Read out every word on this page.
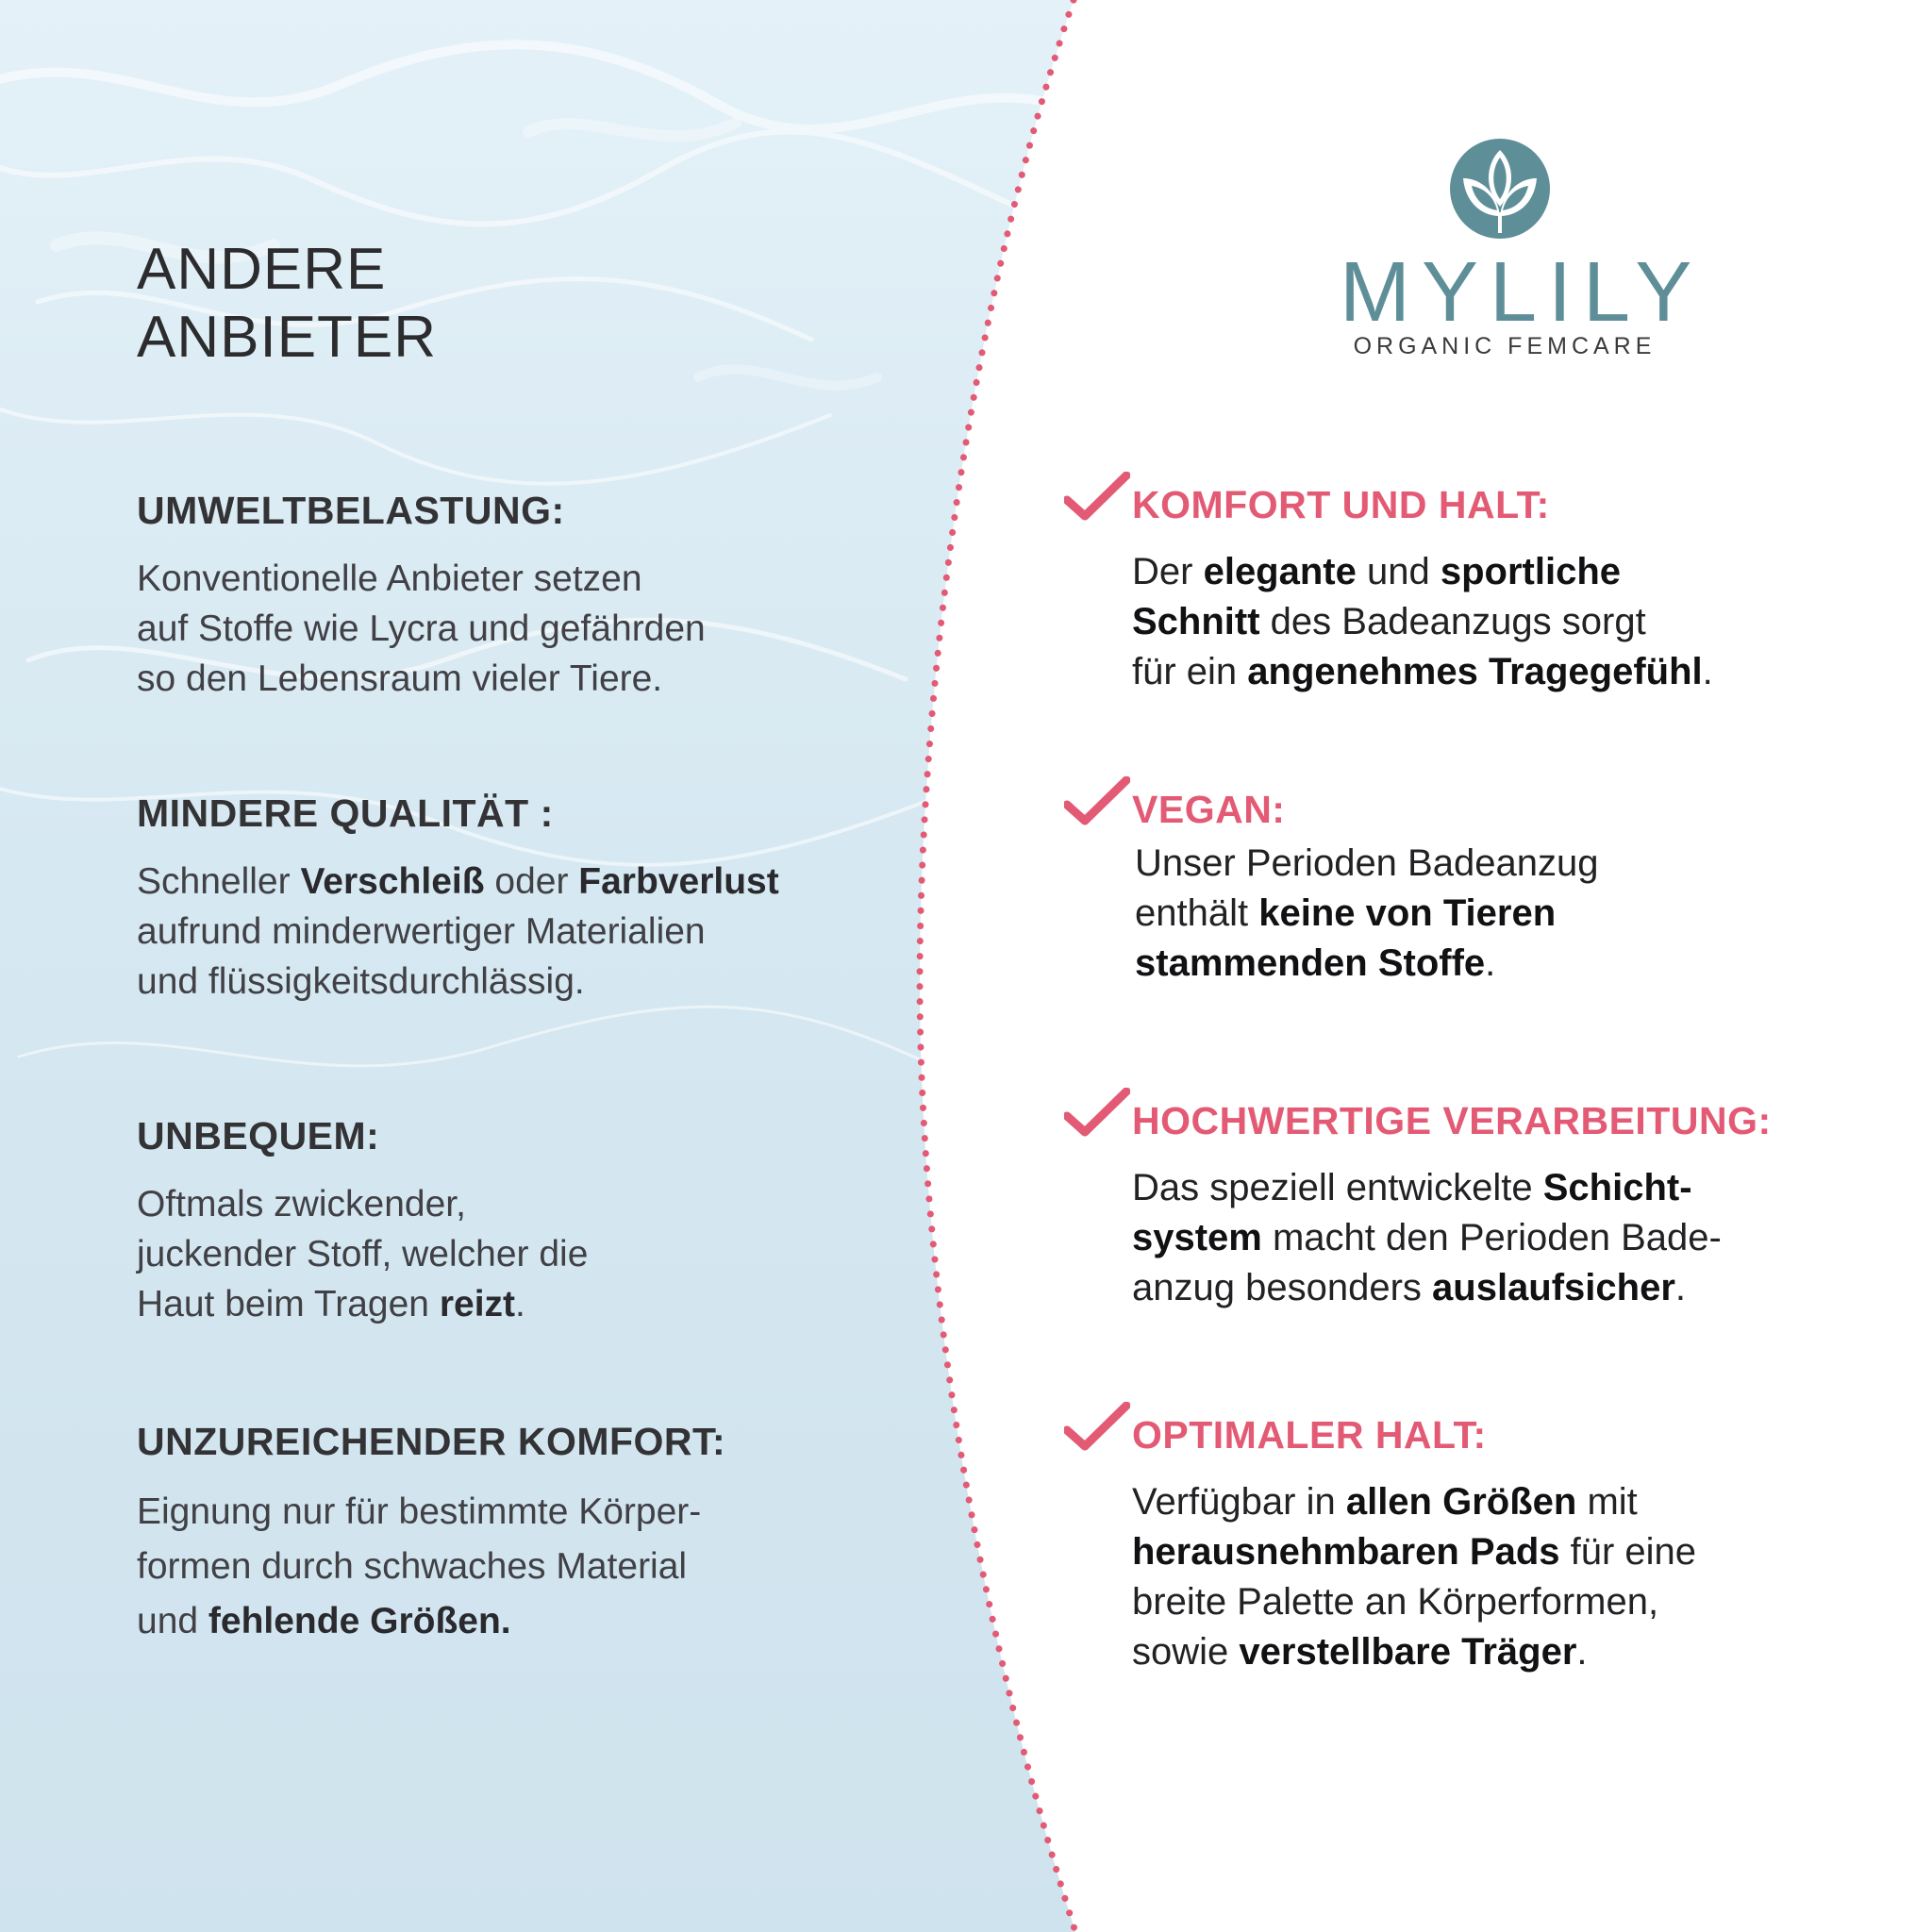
ANDERE
ANBIETER
UMWELTBELASTUNG:
Konventionelle Anbieter setzen
auf Stoffe wie Lycra und gefährden
so den Lebensraum vieler Tiere.
MINDERE QUALITÄT :
Schneller Verschleiß oder Farbverlust
aufrund minderwertiger Materialien
und flüssigkeitsdurchlässig.
UNBEQUEM:
Oftmals zwickender,
juckender Stoff, welcher die
Haut beim Tragen reizt.
UNZUREICHENDER KOMFORT:
Eignung nur für bestimmte Körper-
formen durch schwaches Material
und fehlende Größen.
MYLILY
ORGANIC FEMCARE
KOMFORT UND HALT:
Der elegante und sportliche
Schnitt des Badeanzugs sorgt
für ein angenehmes Tragegefühl.
VEGAN:
Unser Perioden Badeanzug
enthält keine von Tieren
stammenden Stoffe.
HOCHWERTIGE VERARBEITUNG:
Das speziell entwickelte Schicht-
system macht den Perioden Bade-
anzug besonders auslaufsicher.
OPTIMALER HALT:
Verfügbar in allen Größen mit
herausnehmbaren Pads für eine
breite Palette an Körperformen,
sowie verstellbare Träger.
